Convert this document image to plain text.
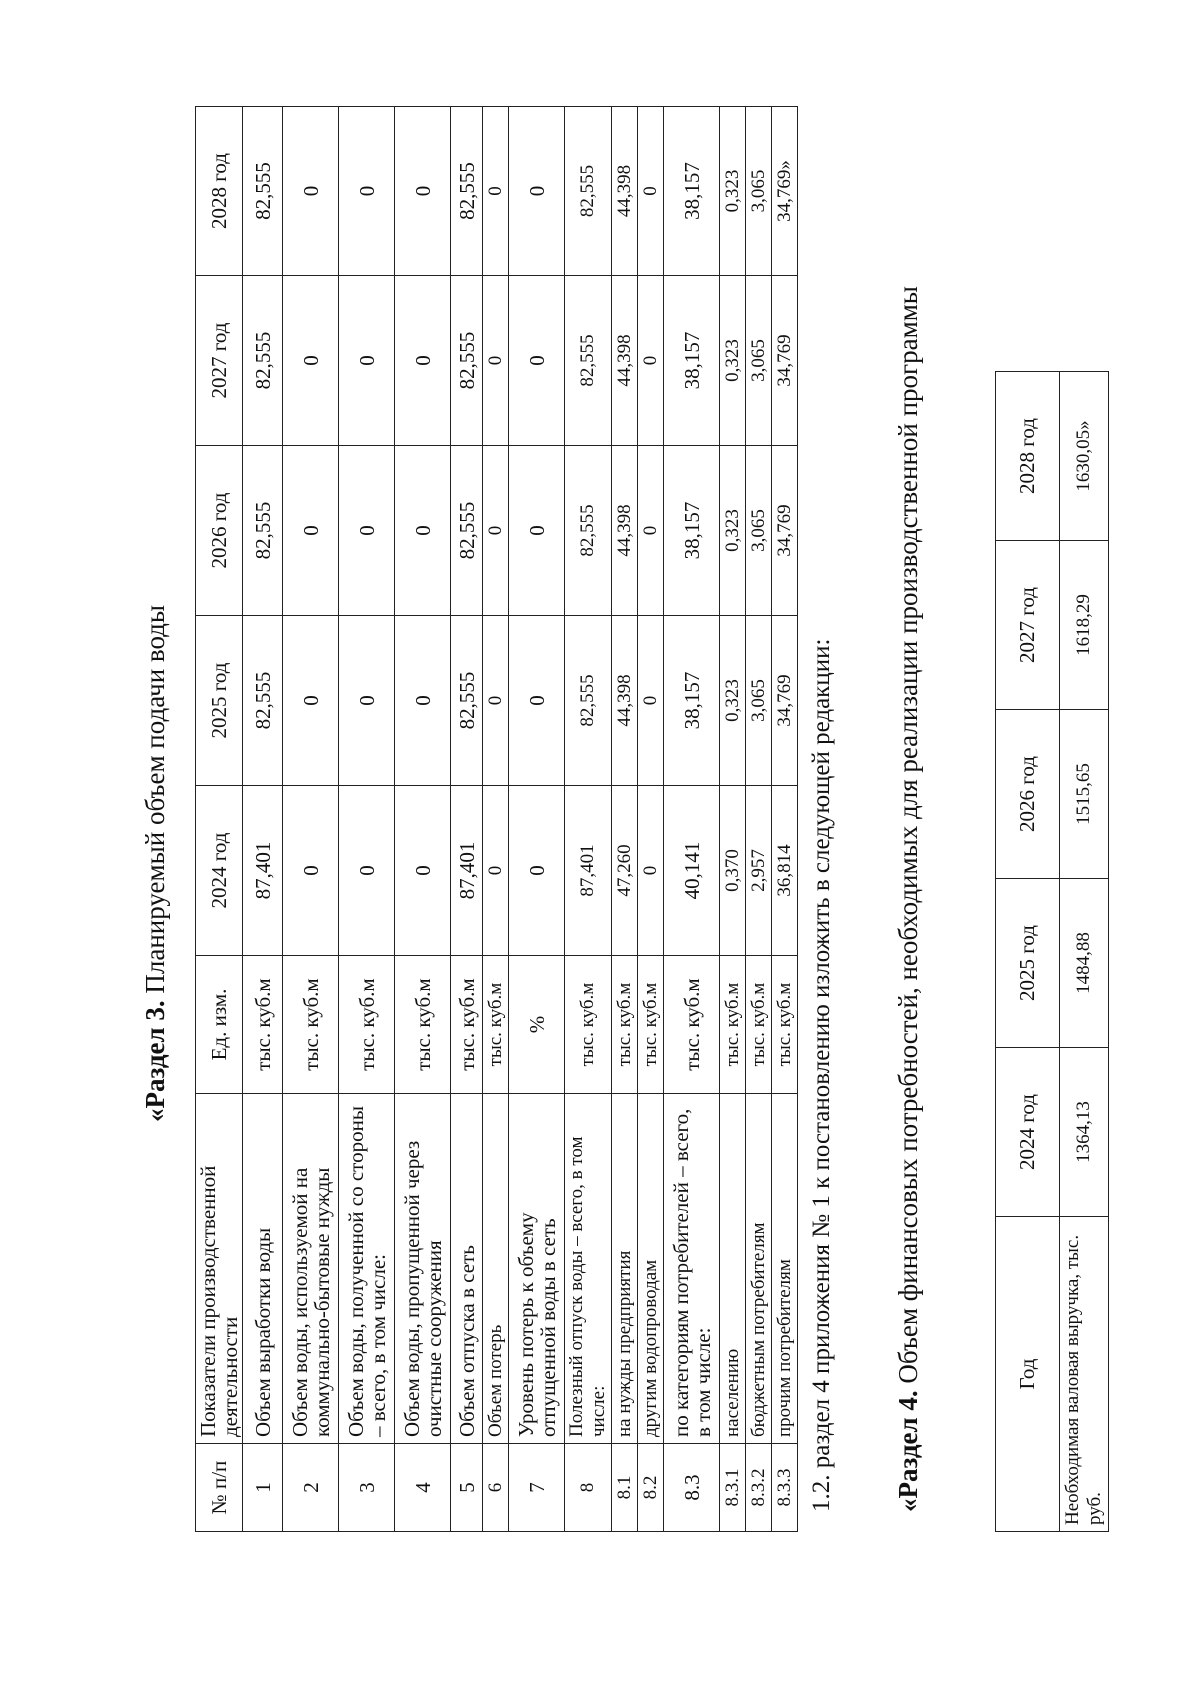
«Раздел 3. Планируемый объем подачи воды
№ п/п	Показатели производственной деятельности	Ед. изм.	2024 год	2025 год	2026 год	2027 год	2028 год
1	Объем выработки воды	тыс. куб.м	87,401	82,555	82,555	82,555	82,555
2	Объем воды, используемой на коммунально-бытовые нужды	тыс. куб.м	0	0	0	0	0
3	Объем воды, полученной со стороны – всего, в том числе:	тыс. куб.м	0	0	0	0	0
4	Объем воды, пропущенной через очистные сооружения	тыс. куб.м	0	0	0	0	0
5	Объем отпуска в сеть	тыс. куб.м	87,401	82,555	82,555	82,555	82,555
6	Объем потерь	тыс. куб.м	0	0	0	0	0
7	Уровень потерь к объему отпущенной воды в сеть	%	0	0	0	0	0
8	Полезный отпуск воды – всего, в том числе:	тыс. куб.м	87,401	82,555	82,555	82,555	82,555
8.1	на нужды предприятия	тыс. куб.м	47,260	44,398	44,398	44,398	44,398
8.2	другим водопроводам	тыс. куб.м	0	0	0	0	0
8.3	по категориям потребителей – всего, в том числе:	тыс. куб.м	40,141	38,157	38,157	38,157	38,157
8.3.1	населению	тыс. куб.м	0,370	0,323	0,323	0,323	0,323
8.3.2	бюджетным потребителям	тыс. куб.м	2,957	3,065	3,065	3,065	3,065
8.3.3	прочим потребителям	тыс. куб.м	36,814	34,769	34,769	34,769	34,769»
1.2. раздел 4 приложения № 1 к постановлению изложить в следующей редакции: «Раздел 4. Объем финансовых потребностей, необходимых для реализации производственной программы	Год	2024 год	2025 год	2026 год	2027 год	2028 год
Необходимая валовая выручка, тыс. руб.	1364,13	1484,88	1515,65	1618,29	1630,05»
